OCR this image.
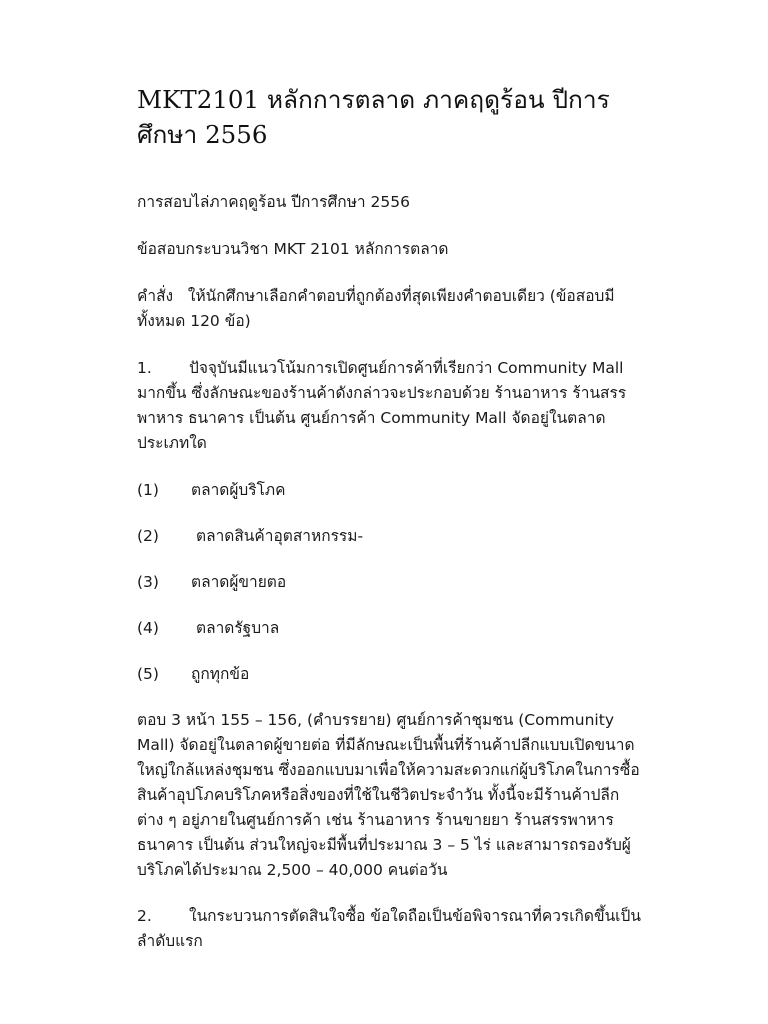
MKT2101 หลักการตลาด ภาคฤดูร้อน ปีการศึกษา 2556

การสอบไล่ภาคฤดูร้อน ปีการศึกษา 2556

ข้อสอบกระบวนวิชา MKT 2101 หลักการตลาด

คำสั่ง ให้นักศึกษาเลือกคำตอบที่ถูกต้องที่สุดเพียงคำตอบเดียว (ข้อสอบมีทั้งหมด 120 ข้อ)

1. ปัจจุบันมีแนวโน้มการเปิดศูนย์การค้าที่เรียกว่า Community Mall มากขึ้น ซึ่งลักษณะของร้านค้าดังกล่าวจะประกอบด้วย ร้านอาหาร ร้านสรรพาหาร ธนาคาร เป็นต้น ศูนย์การค้า Community Mall จัดอยู่ในตลาดประเภทใด

(1) ตลาดผู้บริโภค

(2) ตลาดสินค้าอุตสาหกรรม-

(3) ตลาดผู้ขายตอ

(4) ตลาดรัฐบาล

(5) ถูกทุกข้อ

ตอบ 3 หน้า 155 – 156, (คำบรรยาย) ศูนย์การค้าชุมชน (Community Mall) จัดอยู่ในตลาดผู้ขายต่อ ที่มีลักษณะเป็นพื้นที่ร้านค้าปลีกแบบเปิดขนาดใหญ่ใกล้แหล่งชุมชน ซึ่งออกแบบมาเพื่อให้ความสะดวกแก่ผู้บริโภคในการซื้อสินค้าอุปโภคบริโภคหรือสิ่งของที่ใช้ในชีวิตประจำวัน ทั้งนี้จะมีร้านค้าปลีกต่าง ๆ อยู่ภายในศูนย์การค้า เช่น ร้านอาหาร ร้านขายยา ร้านสรรพาหาร ธนาคาร เป็นต้น ส่วนใหญ่จะมีพื้นที่ประมาณ 3 – 5 ไร่ และสามารถรองรับผู้บริโภคได้ประมาณ 2,500 – 40,000 คนต่อวัน

2. ในกระบวนการตัดสินใจซื้อ ข้อใดถือเป็นข้อพิจารณาที่ควรเกิดขึ้นเป็นลำดับแรก
